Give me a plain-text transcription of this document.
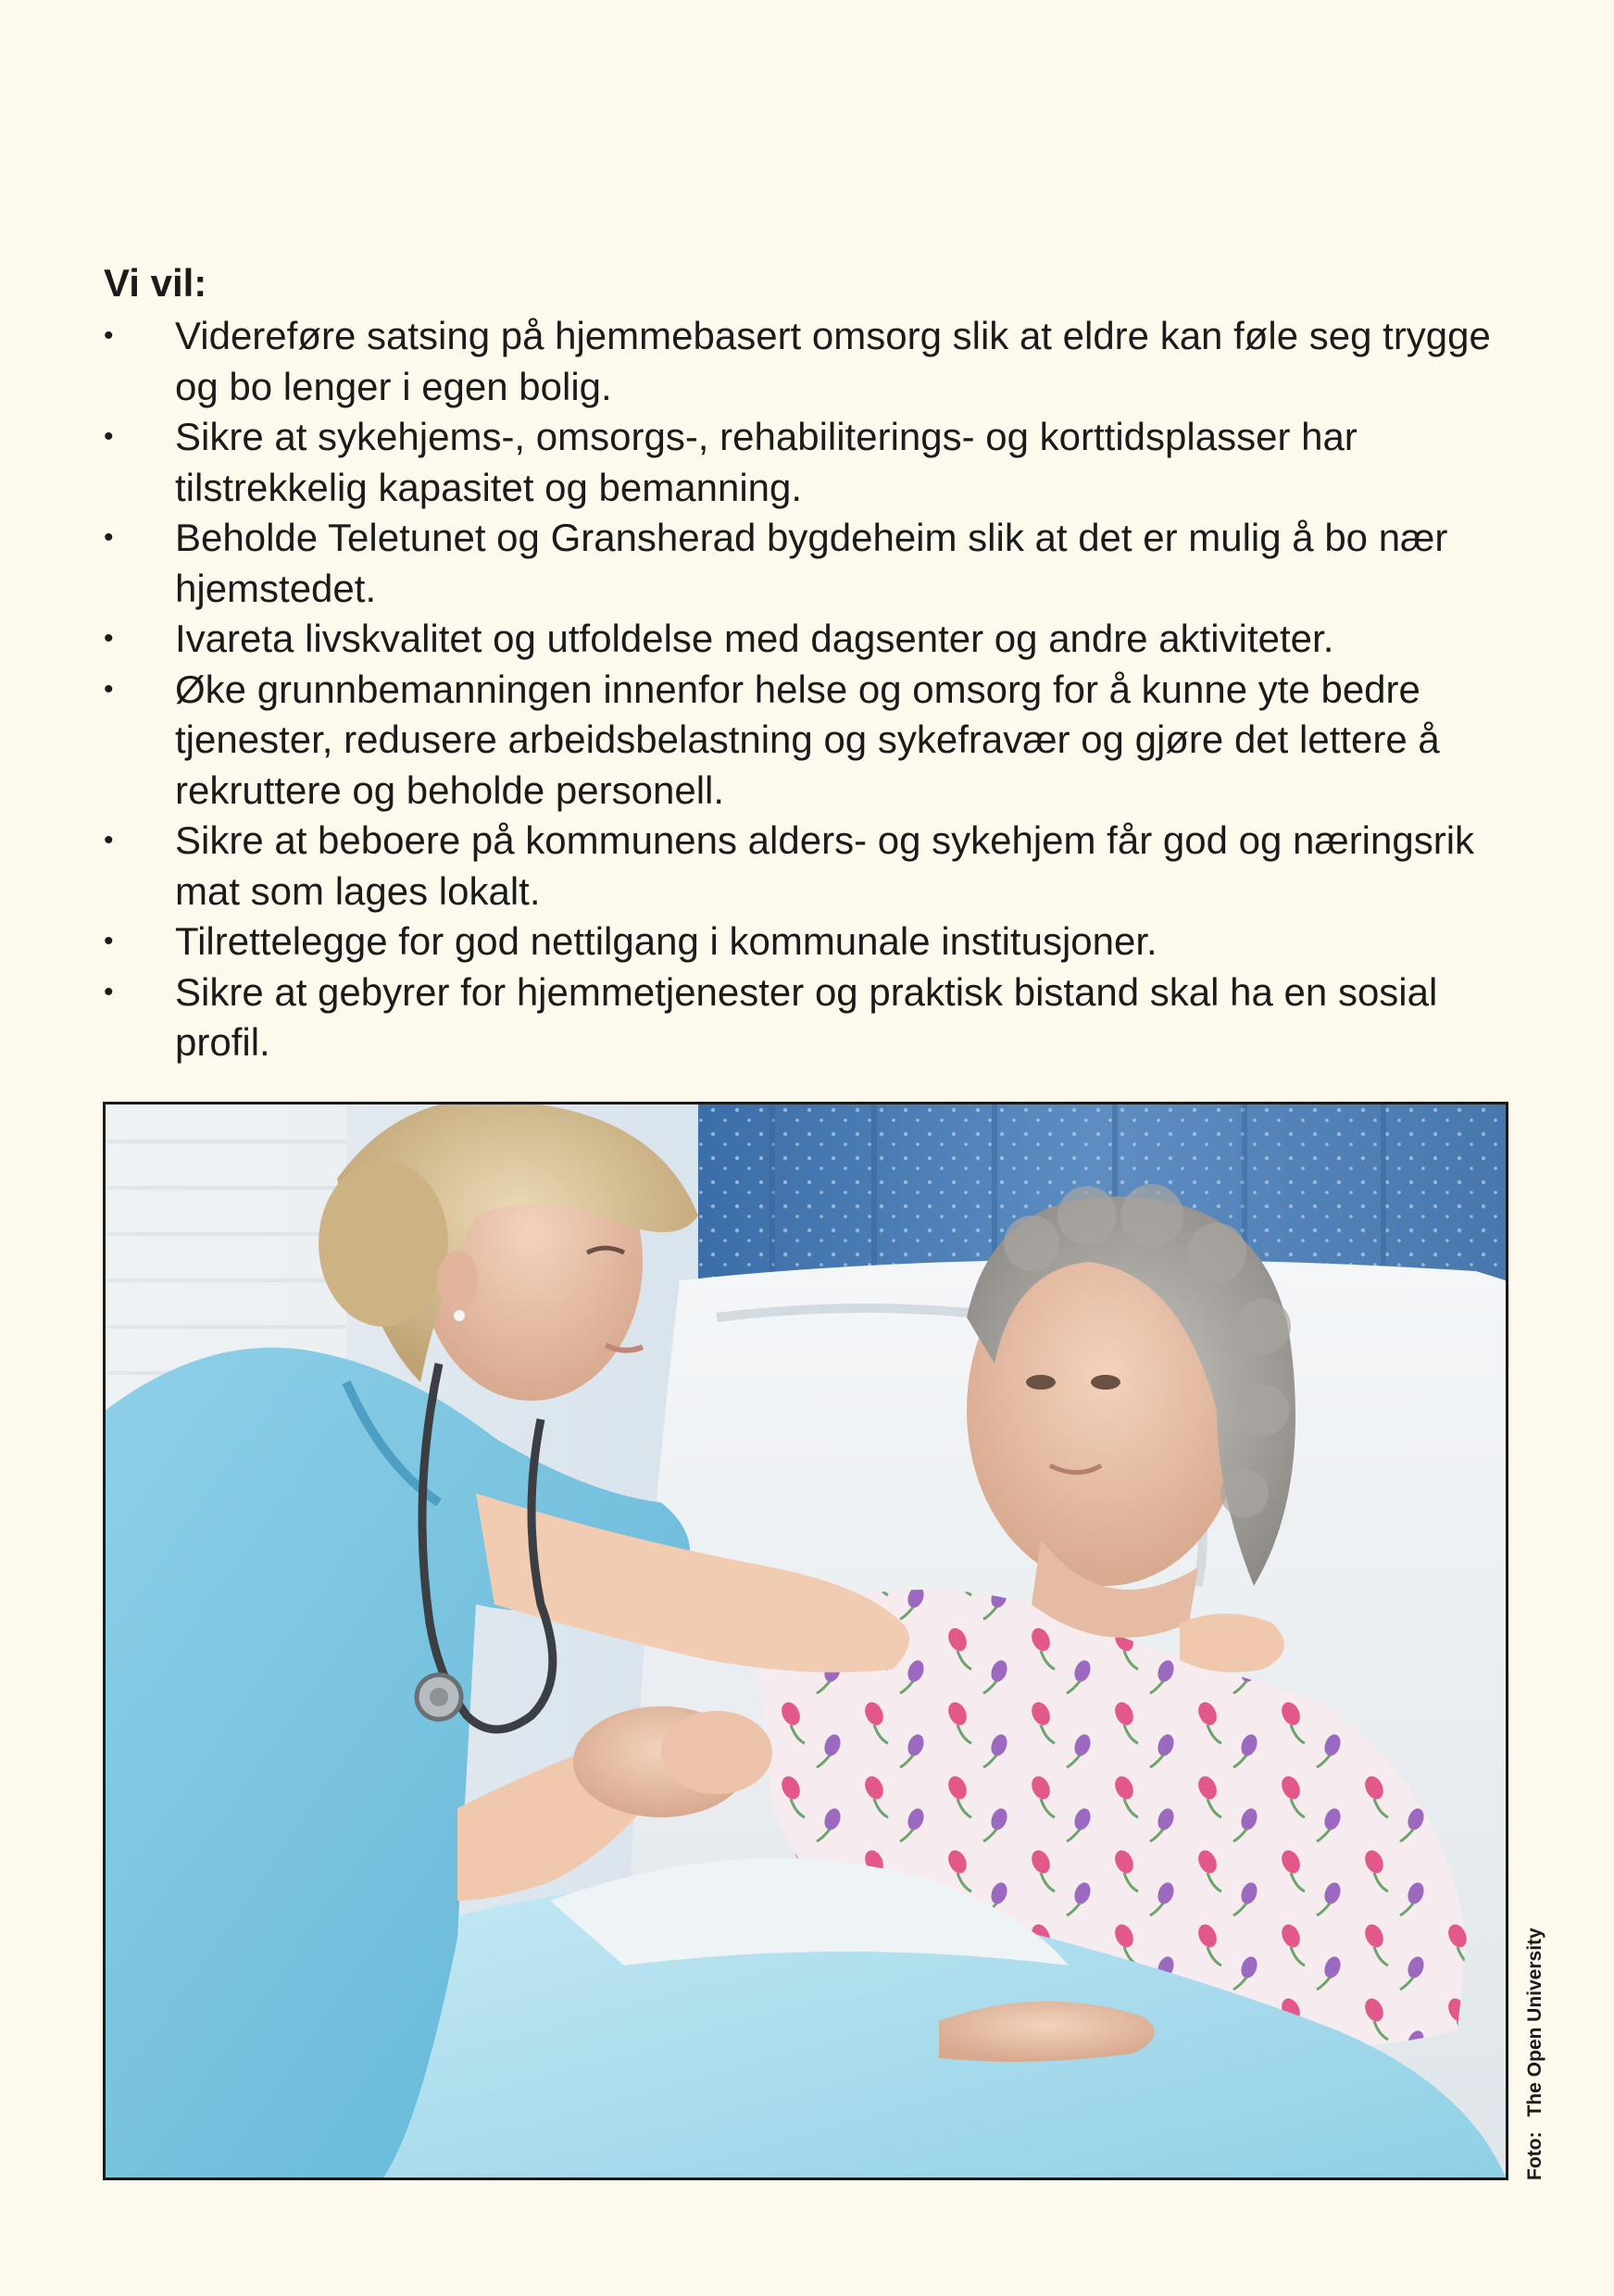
Vi vil:
•	Videreføre satsing på hjemmebasert omsorg slik at eldre kan føle seg trygge og bo lenger i egen bolig.
•	Sikre at sykehjems-, omsorgs-, rehabiliterings- og korttidsplasser har tilstrekkelig kapasitet og bemanning.
•	Beholde Teletunet og Gransherad bygdeheim slik at det er mulig å bo nær hjemstedet.
•	Ivareta livskvalitet og utfoldelse med dagsenter og andre aktiviteter.
•	Øke grunnbemanningen innenfor helse og omsorg for å kunne yte bedre tjenester, redusere arbeidsbelastning og sykefravær og gjøre det lettere å rekruttere og beholde personell.
•	Sikre at beboere på kommunens alders- og sykehjem får god og næringsrik mat som lages lokalt.
•	Tilrettelegge for god nettilgang i kommunale institusjoner.
•	Sikre at gebyrer for hjemmetjenester og praktisk bistand skal ha en sosial profil.
Foto:The Open University
